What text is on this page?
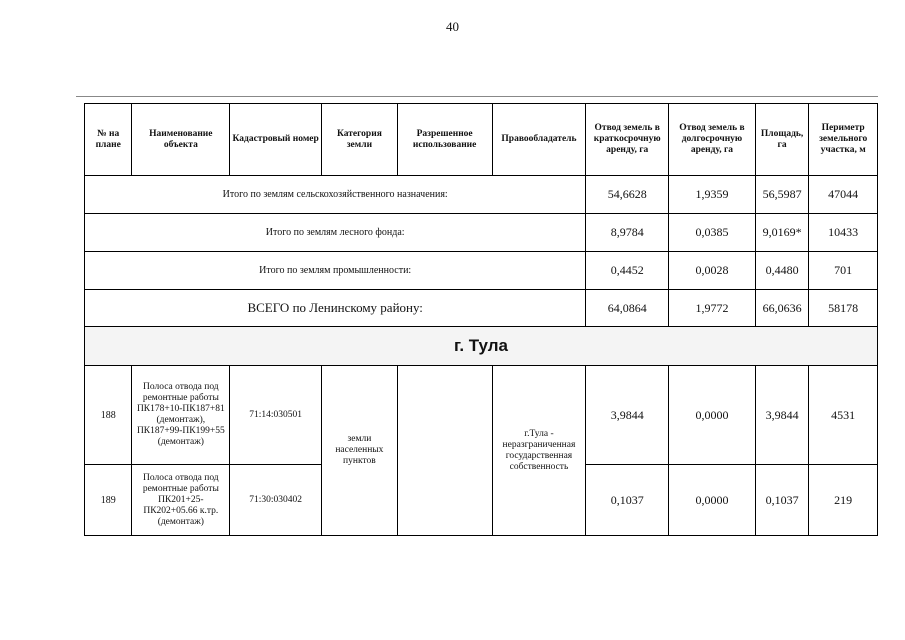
40
№ на плане	Наименование объекта	Кадастровый номер	Категория земли	Разрешенное использование	Правообладатель	Отвод земель в краткосрочную аренду, га	Отвод земель в долгосрочную аренду, га	Площадь, га	Периметр земельного участка, м
Итого по землям сельскохозяйственного назначения:						54,6628	1,9359	56,5987	47044
Итого по землям лесного фонда:						8,9784	0,0385	9,0169*	10433
Итого по землям промышленности:						0,4452	0,0028	0,4480	701
ВСЕГО по Ленинскому району:						64,0864	1,9772	66,0636	58178
г. Тула									
188	Полоса отвода под ремонтные работы ПК178+10-ПК187+81 (демонтаж), ПК187+99-ПК199+55 (демонтаж)	71:14:030501	земли населенных пунктов		г.Тула - неразграниченная государственная собственность	3,9844	0,0000	3,9844	4531
189	Полоса отвода под ремонтные работы ПК201+25-ПК202+05.66 к.тр. (демонтаж)	71:30:030402				0,1037	0,0000	0,1037	219
